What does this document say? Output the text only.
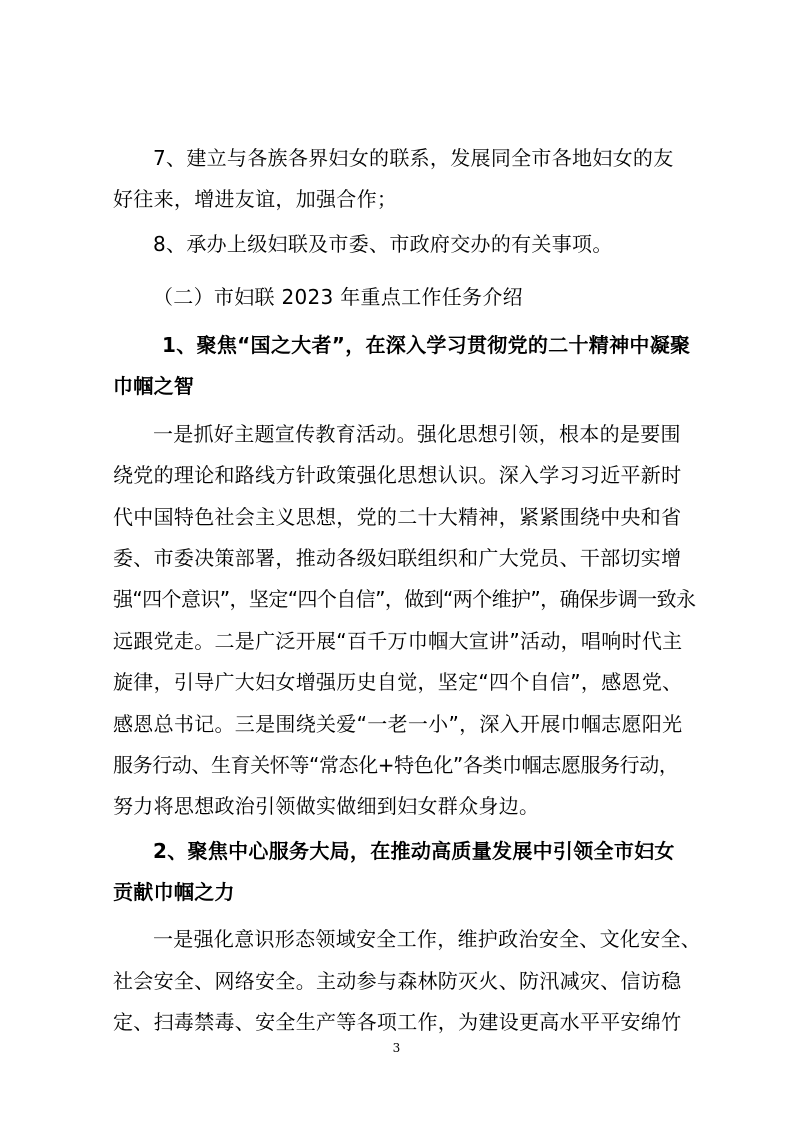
7、建立与各族各界妇女的联系，发展同全市各地妇女的友
好往来，增进友谊，加强合作；
8、承办上级妇联及市委、市政府交办的有关事项。
（二）市妇联 2023 年重点工作任务介绍
1、聚焦“国之大者”，在深入学习贯彻党的二十精神中凝聚
巾帼之智
一是抓好主题宣传教育活动。强化思想引领，根本的是要围
绕党的理论和路线方针政策强化思想认识。深入学习习近平新时
代中国特色社会主义思想，党的二十大精神，紧紧围绕中央和省
委、市委决策部署，推动各级妇联组织和广大党员、干部切实增
强“四个意识”，坚定“四个自信”，做到“两个维护”，确保步调一致永
远跟党走。二是广泛开展“百千万巾帼大宣讲”活动，唱响时代主
旋律，引导广大妇女增强历史自觉，坚定“四个自信”，感恩党、
感恩总书记。三是围绕关爱“一老一小”，深入开展巾帼志愿阳光
服务行动、生育关怀等“常态化+特色化”各类巾帼志愿服务行动，
努力将思想政治引领做实做细到妇女群众身边。
2、聚焦中心服务大局，在推动高质量发展中引领全市妇女
贡献巾帼之力
一是强化意识形态领域安全工作，维护政治安全、文化安全、
社会安全、网络安全。主动参与森林防灭火、防汛减灾、信访稳
定、扫毒禁毒、安全生产等各项工作，为建设更高水平平安绵竹
3
